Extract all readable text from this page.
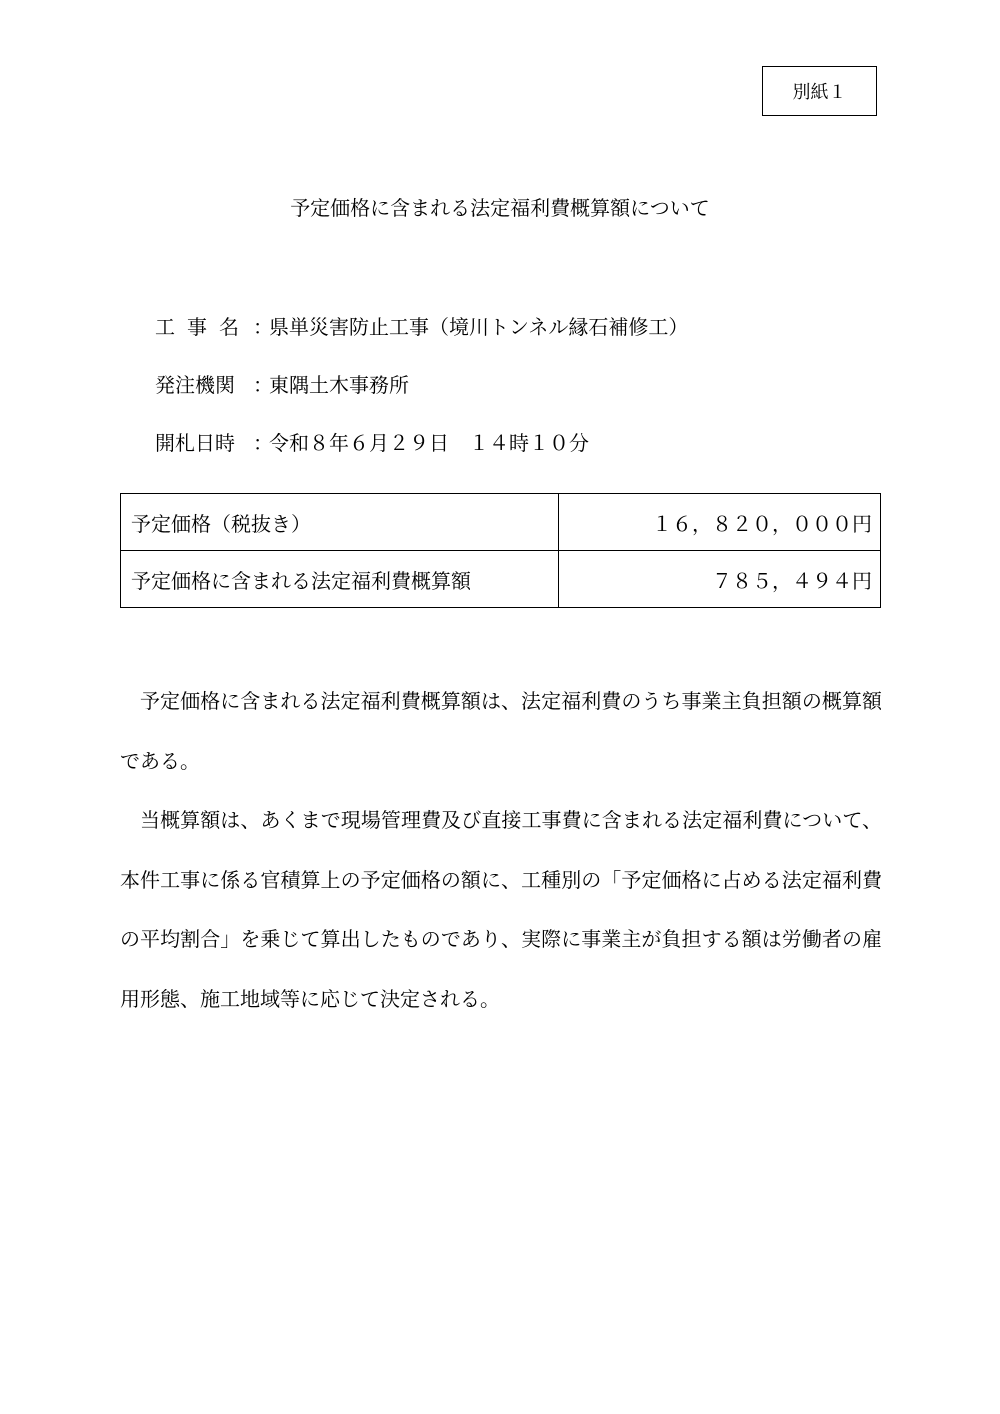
別紙１
予定価格に含まれる法定福利費概算額について
工事名 ：
県単災害防止工事（境川トンネル縁石補修工）
発注機関 ：
東隅土木事務所
開札日時 ：
令和８年６月２９日　１４時１０分
予定価格（税抜き）	１６，８２０，０００円
予定価格に含まれる法定福利費概算額	７８５，４９４円

予定価格に含まれる法定福利費概算額は、法定福利費のうち事業主負担額の概算額である。

当概算額は、あくまで現場管理費及び直接工事費に含まれる法定福利費について、本件工事に係る官積算上の予定価格の額に、工種別の「予定価格に占める法定福利費の平均割合」を乗じて算出したものであり、実際に事業主が負担する額は労働者の雇用形態、施工地域等に応じて決定される。
